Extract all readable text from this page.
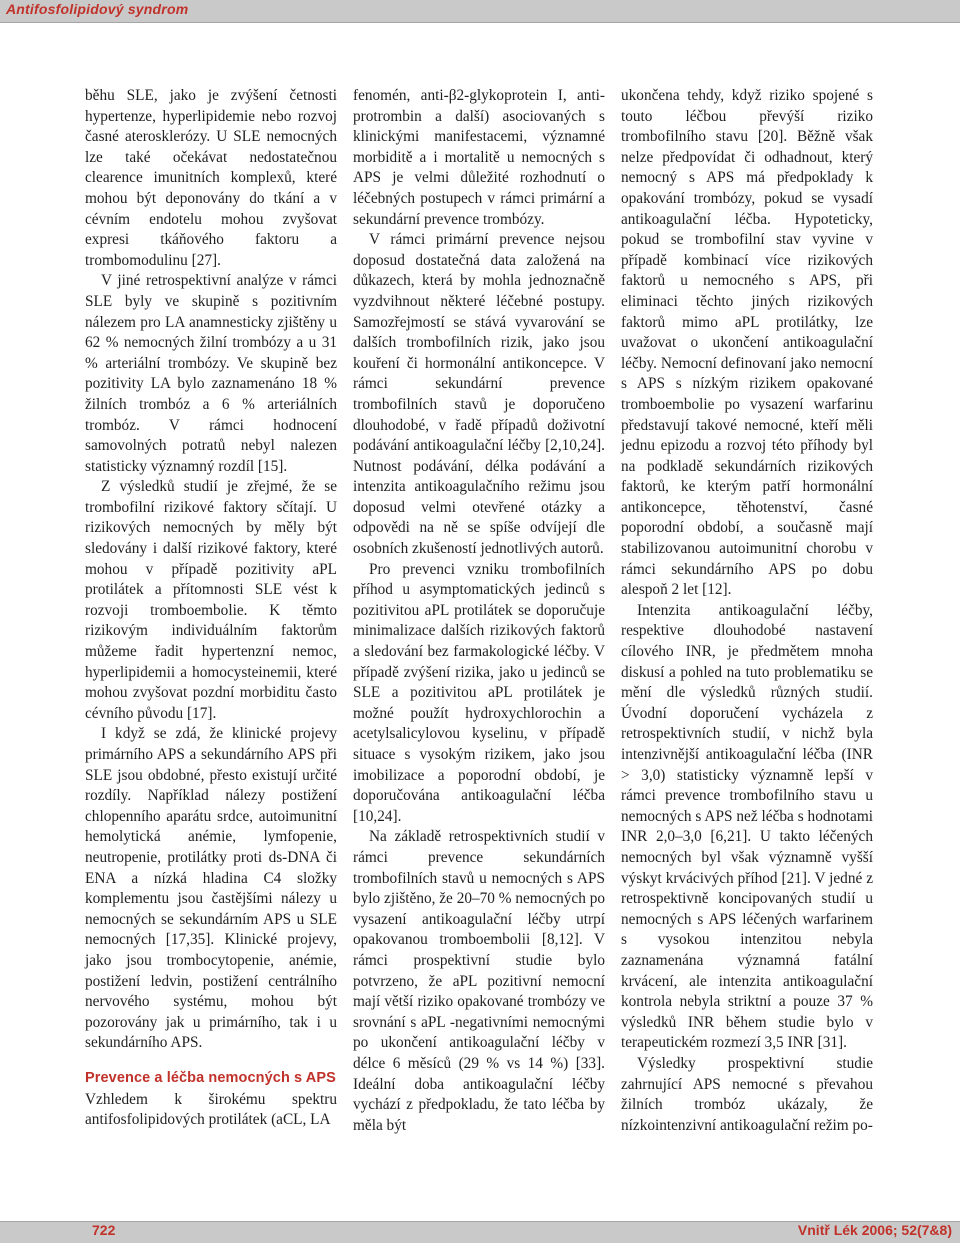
Antifosfolipidový syndrom

běhu SLE, jako je zvýšení četnosti hypertenze, hyperlipidemie nebo rozvoj časné aterosklerózy. U SLE nemocných lze také očekávat nedostatečnou clearence imunitních komplexů, které mohou být deponovány do tkání a v cévním endotelu mohou zvyšovat expresi tkáňového faktoru a trombomodulinu [27].

V jiné retrospektivní analýze v rámci SLE byly ve skupině s pozitivním nálezem pro LA anamnesticky zjištěny u 62 % nemocných žilní trombózy a u 31 % arteriální trombózy. Ve skupině bez pozitivity LA bylo zaznamenáno 18 % žilních trombóz a 6 % arteriálních trombóz. V rámci hodnocení samovolných potratů nebyl nalezen statisticky významný rozdíl [15].

Z výsledků studií je zřejmé, že se trombofilní rizikové faktory sčítají. U rizikových nemocných by měly být sledovány i další rizikové faktory, které mohou v případě pozitivity aPL protilátek a přítomnosti SLE vést k rozvoji tromboembolie. K těmto rizikovým individuálním faktorům můžeme řadit hypertenzní nemoc, hyperlipidemii a homocysteinemii, které mohou zvyšovat pozdní morbiditu často cévního původu [17].

I když se zdá, že klinické projevy primárního APS a sekundárního APS při SLE jsou obdobné, přesto existují určité rozdíly. Například nálezy postižení chlopenního aparátu srdce, autoimunitní hemolytická anémie, lymfopenie, neutropenie, protilátky proti ds-DNA či ENA a nízká hladina C4 složky komplementu jsou častějšími nálezy u nemocných se sekundárním APS u SLE nemocných [17,35]. Klinické projevy, jako jsou trombocytopenie, anémie, postižení ledvin, postižení centrálního nervového systému, mohou být pozorovány jak u primárního, tak i u sekundárního APS.

Prevence a léčba nemocných s APS

Vzhledem k širokému spektru antifosfolipidových protilátek (aCL, LA

fenomén, anti-β2-glykoprotein I, anti-protrombin a další) asociovaných s klinickými manifestacemi, významné morbiditě a i mortalitě u nemocných s APS je velmi důležité rozhodnutí o léčebných postupech v rámci primární a sekundární prevence trombózy.

V rámci primární prevence nejsou doposud dostatečná data založená na důkazech, která by mohla jednoznačně vyzdvihnout některé léčebné postupy. Samozřejmostí se stává vyvarování se dalších trombofilních rizik, jako jsou kouření či hormonální antikoncepce. V rámci sekundární prevence trombofilních stavů je doporučeno dlouhodobé, v řadě případů doživotní podávání antikoagulační léčby [2,10,24]. Nutnost podávání, délka podávání a intenzita antikoagulačního režimu jsou doposud velmi otevřené otázky a odpovědi na ně se spíše odvíjejí dle osobních zkušeností jednotlivých autorů.

Pro prevenci vzniku trombofilních příhod u asymptomatických jedinců s pozitivitou aPL protilátek se doporučuje minimalizace dalších rizikových faktorů a sledování bez farmakologické léčby. V případě zvýšení rizika, jako u jedinců se SLE a pozitivitou aPL protilátek je možné použít hydroxychlorochin a acetylsalicylovou kyselinu, v případě situace s vysokým rizikem, jako jsou imobilizace a poporodní období, je doporučována antikoagulační léčba [10,24].

Na základě retrospektivních studií v rámci prevence sekundárních trombofilních stavů u nemocných s APS bylo zjištěno, že 20–70 % nemocných po vysazení antikoagulační léčby utrpí opakovanou tromboembolii [8,12]. V rámci prospektivní studie bylo potvrzeno, že aPL pozitivní nemocní mají větší riziko opakované trombózy ve srovnání s aPL -negativními nemocnými po ukončení antikoagulační léčby v délce 6 měsíců (29 % vs 14 %) [33]. Ideální doba antikoagulační léčby vychází z předpokladu, že tato léčba by měla být

ukončena tehdy, když riziko spojené s touto léčbou převýší riziko trombofilního stavu [20]. Běžně však nelze předpovídat či odhadnout, který nemocný s APS má předpoklady k opakování trombózy, pokud se vysadí antikoagulační léčba. Hypoteticky, pokud se trombofilní stav vyvine v případě kombinací více rizikových faktorů u nemocného s APS, při eliminaci těchto jiných rizikových faktorů mimo aPL protilátky, lze uvažovat o ukončení antikoagulační léčby. Nemocní definovaní jako nemocní s APS s nízkým rizikem opakované tromboembolie po vysazení warfarinu představují takové nemocné, kteří měli jednu epizodu a rozvoj této příhody byl na podkladě sekundárních rizikových faktorů, ke kterým patří hormonální antikoncepce, těhotenství, časné poporodní období, a současně mají stabilizovanou autoimunitní chorobu v rámci sekundárního APS po dobu alespoň 2 let [12].

Intenzita antikoagulační léčby, respektive dlouhodobé nastavení cílového INR, je předmětem mnoha diskusí a pohled na tuto problematiku se mění dle výsledků různých studií. Úvodní doporučení vycházela z retrospektivních studií, v nichž byla intenzivnější antikoagulační léčba (INR > 3,0) statisticky významně lepší v rámci prevence trombofilního stavu u nemocných s APS než léčba s hodnotami INR 2,0–3,0 [6,21]. U takto léčených nemocných byl však významně vyšší výskyt krvácivých příhod [21]. V jedné z retrospektivně koncipovaných studií u nemocných s APS léčených warfarinem s vysokou intenzitou nebyla zaznamenána významná fatální krvácení, ale intenzita antikoagulační kontrola nebyla striktní a pouze 37 % výsledků INR během studie bylo v terapeutickém rozmezí 3,5 INR [31].

Výsledky prospektivní studie zahrnující APS nemocné s převahou žilních trombóz ukázaly, že nízkointenzivní antikoagulační režim po-

722	Vnitř Lék 2006; 52(7&8)
